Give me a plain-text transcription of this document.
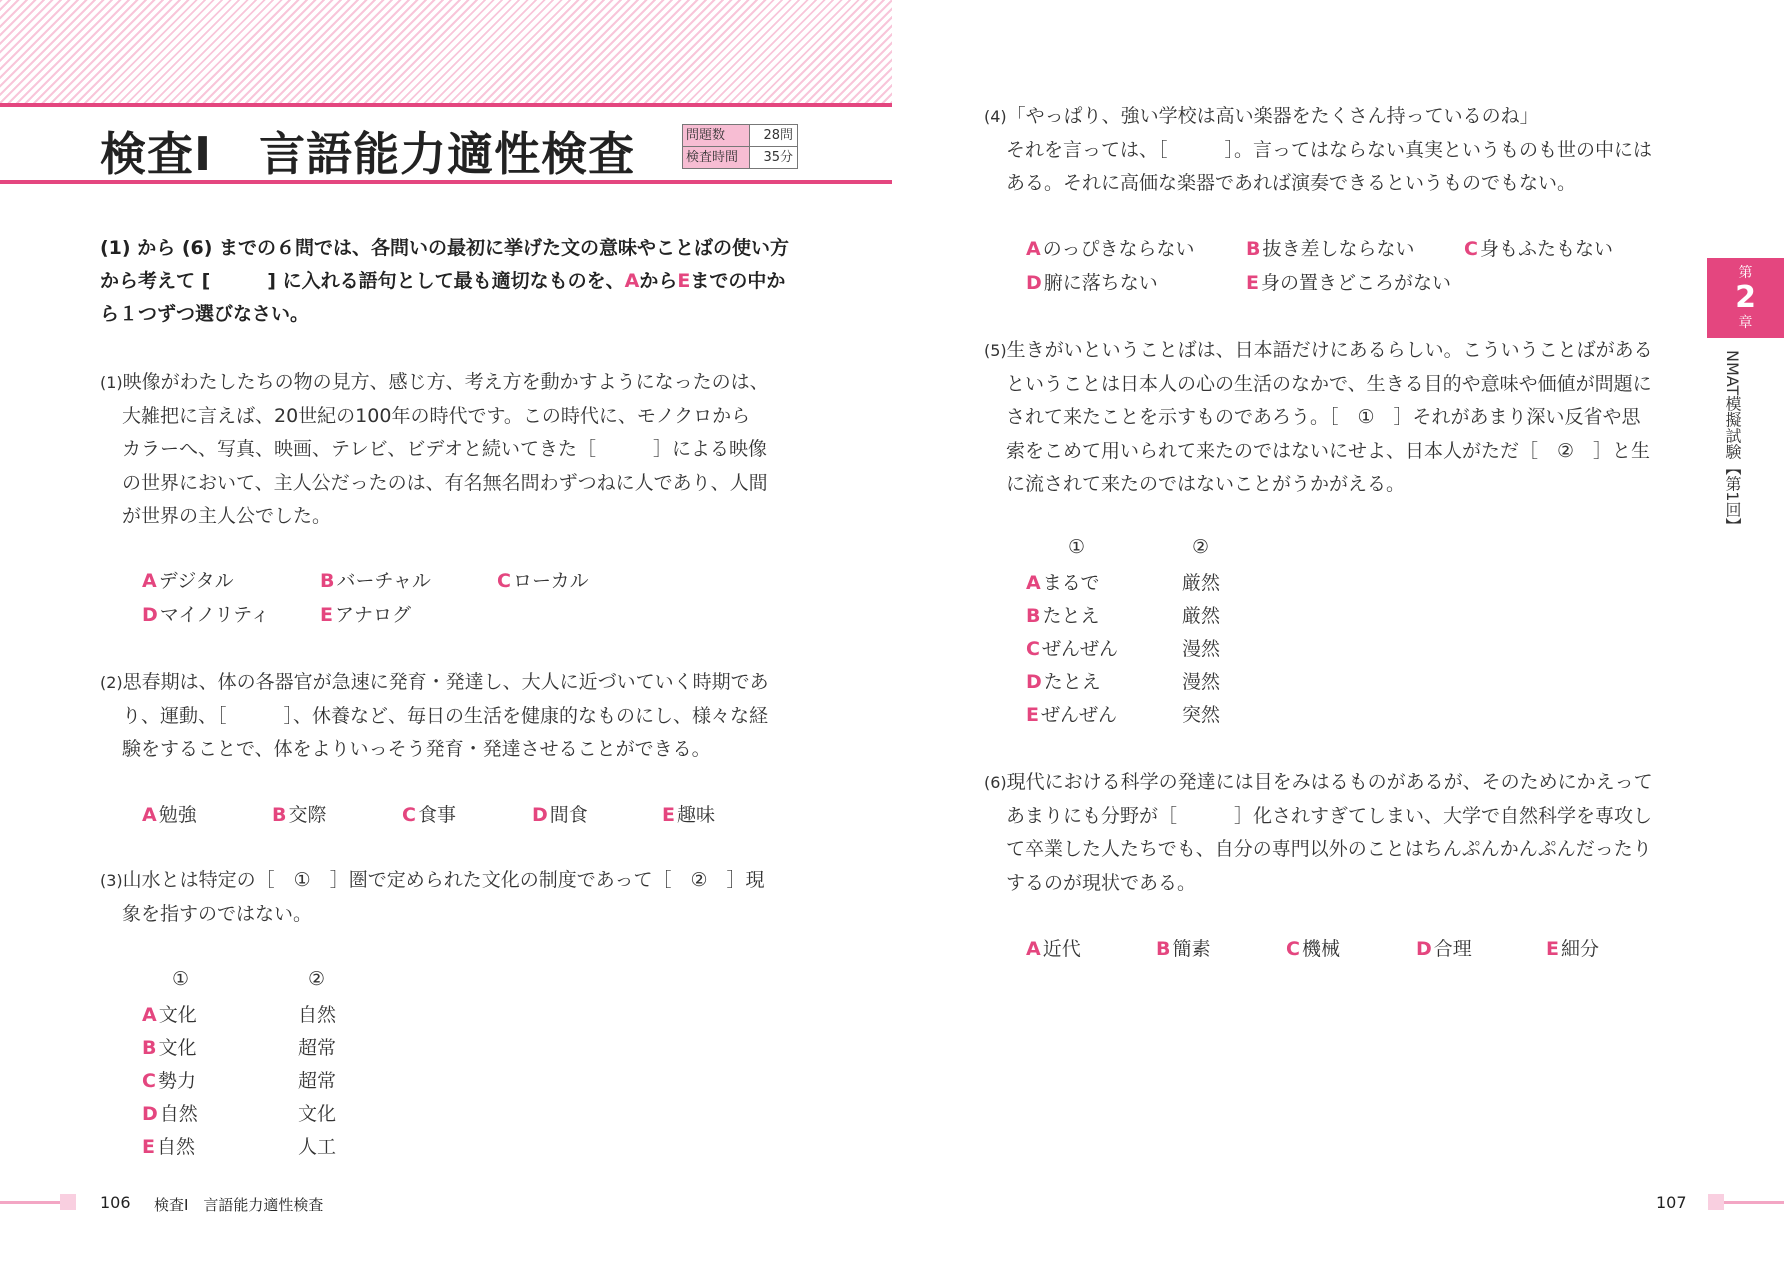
検査Ⅰ　言語能力適性検査	問題数	28問
検査時間	35分
(1) から (6) までの６問では、各問いの最初に挙げた文の意味やことばの使い方から考えて [　　　] に入れる語句として最も適切なものを、AからEまでの中から１つずつ選びなさい。

(1)映像がわたしたちの物の見方、感じ方、考え方を動かすようになったのは、

大雑把に言えば、20世紀の100年の時代です。この時代に、モノクロから

カラーへ、写真、映画、テレビ、ビデオと続いてきた［　　　］による映像

の世界において、主人公だったのは、有名無名問わずつねに人であり、人間

が世界の主人公でした。

A デジタル	B バーチャル	C ローカル
D マイノリティ	E アナログ

(2)思春期は、体の各器官が急速に発育・発達し、大人に近づいていく時期であ

り、運動、［　　　］、休養など、毎日の生活を健康的なものにし、様々な経

験をすることで、体をよりいっそう発育・発達させることができる。

A 勉強	B 交際	C 食事	D 間食	E 趣味

(3)山水とは特定の［　①　］圏で定められた文化の制度であって［　②　］現

象を指すのではない。

①	②
A 文化	自然
B 文化	超常
C 勢力	超常
D 自然	文化
E 自然	人工

(4)「やっぱり、強い学校は高い楽器をたくさん持っているのね」

それを言っては、［　　　］。言ってはならない真実というものも世の中には

ある。それに高価な楽器であれば演奏できるというものでもない。

A のっぴきならない	B 抜き差しならない	C 身もふたもない
D 腑に落ちない	E 身の置きどころがない

(5)生きがいということばは、日本語だけにあるらしい。こういうことばがある

ということは日本人の心の生活のなかで、生きる目的や意味や価値が問題に

されて来たことを示すものであろう。［　①　］それがあまり深い反省や思

索をこめて用いられて来たのではないにせよ、日本人がただ［　②　］と生

に流されて来たのではないことがうかがえる。

①	②
A まるで	厳然
B たとえ	厳然
C ぜんぜん	漫然
D たとえ	漫然
E ぜんぜん	突然

(6)現代における科学の発達には目をみはるものがあるが、そのためにかえって

あまりにも分野が［　　　］化されすぎてしまい、大学で自然科学を専攻し

て卒業した人たちでも、自分の専門以外のことはちんぷんかんぷんだったり

するのが現状である。

A 近代	B 簡素	C 機械	D 合理	E 細分
第
2
章
NMAT模擬試験【第1回】
106 検査Ⅰ　言語能力適性検査	107
